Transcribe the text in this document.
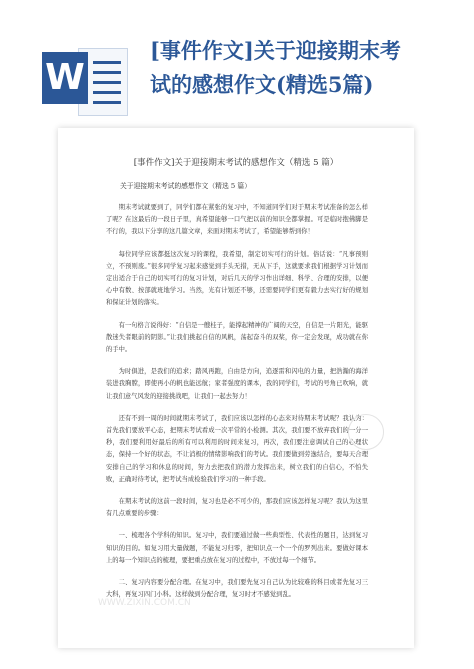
W
[事件作文]关于迎接期末考
试的感想作文(精选5篇)
[事件作文]关于迎接期末考试的感想作文（精选 5 篇）
关于迎接期末考试的感想作文（精选 5 篇）

期末考试就要到了，同学们都在紧张的复习中，不知道同学们对于期末考试准备的怎么样了呢？在这最后的一段日子里，真希望能够一口气把以前的知识全都掌握。可是临时抱佛脚是不行的，我以下分享的这几篇文章，来面对期末考试了，希望能够帮到你！

每位同学应该都挺这次复习的课程，我希望，制定切实可行的计划。俗话说：“凡事预则立，不预则废。”很多同学复习起来感觉到手头无措，无从下手，这就要求我们根据学习计划而定出适合于自己的切实可行的复习计划，对后几天的学习作出详细、科学、合理的安排，以便心中有数、按部就班地学习。当然，光有计划还不够，还需要同学们更有毅力去实行好的规划和保证计划的落实。

有一句格言说得好：“自信是一艘桂子，能撑起精神的广阔的天空，自信是一片阳光，能驱散迷失者眼前的阴影。”让我们挑起自信的风帆，荡起奋斗的双桨，你一定会发现，成功就在你的手中。

为时俱进，是我们的追求；踏风再跑，自由是方向，追逐雷和闪电的力量，把浩瀚的海洋装进我胸膛，即使再小的帆也能远航；家者强度的课本，我的同学们，考试的号角已吹响，就让我们意气风发的迎接挑战吧，让我们一起去努力！

还有不到一周的时间就期末考试了，我们应该以怎样的心态来对待期末考试呢？我认为：首先我们要放平心态，把期末考试看成一次平常的小检测。其次，我们要不放弃我们的一分一秒，我们要利用好最后的所有可以利用的时间来复习，再次，我们要注意调试自己的心理状态，保持一个好的状态，不让消极的情绪影响我们的考试。我们要做到劳逸结合，要每天合理安排自己的学习和休息的时间，努力去把我们的潜力发挥出来，树立我们的自信心，不怕失败，正确对待考试，把考试当成检验我们学习的一种手段。

在期末考试的这前一段时间，复习也是必不可少的，那我们应该怎样复习呢？我认为这里有几点重要的步骤：

一、梳理各个学科的知识。复习中，我们要通过做一些典型性、代表性的题目，达到复习知识的目的。如复习用大量做题，不能复习归零，把知识点一个一个的罗列出来。要做好课本上的每一个知识点的梳理，要把重点放在复习的过程中，不放过每一个细节。

二、复习内容要分配合理。在复习中，我们要先复习自己认为比较难的科目或者先复习三大科，再复习四门小科。这样做到分配合理，复习时才不感觉到乱。

WWW.ZIXIN.COM.CN
